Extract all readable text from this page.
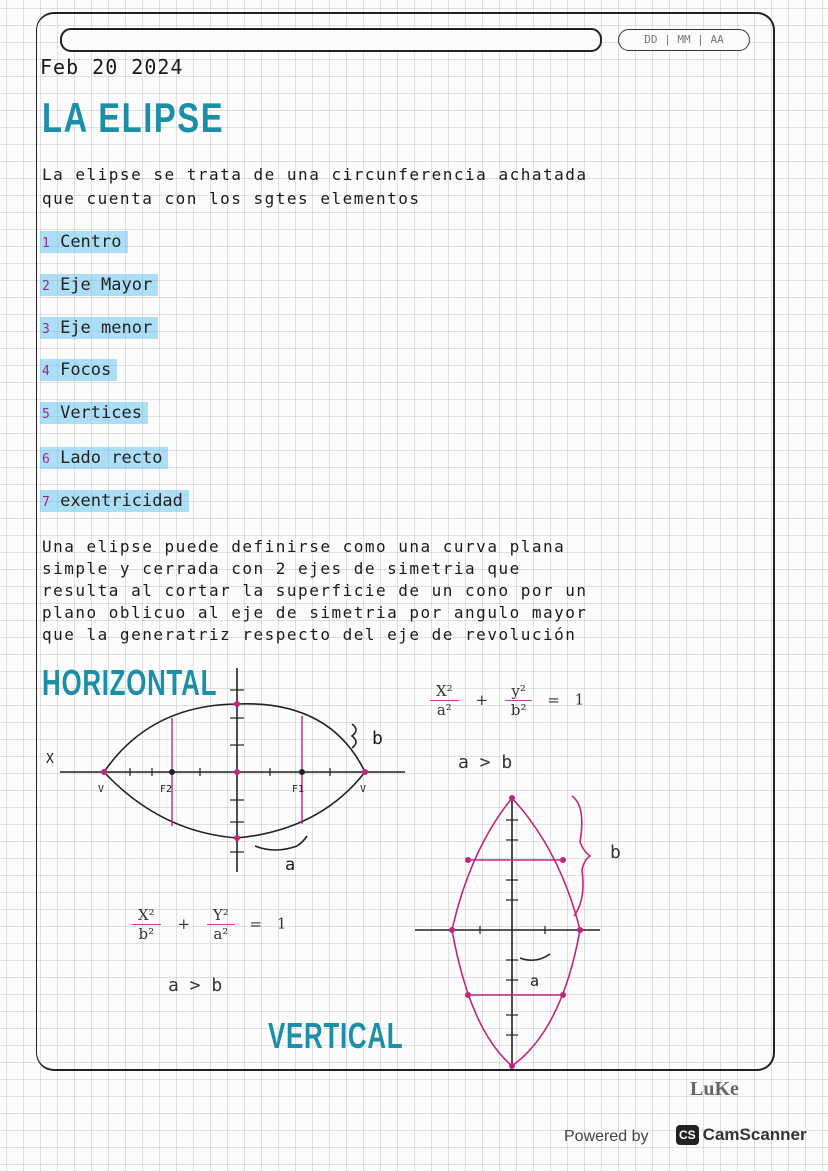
DD | MM | AA
Feb 20 2024
LA ELIPSE
La elipse se trata de una circunferencia achatada
que cuenta con los sgtes elementos
1 Centro
2 Eje Mayor
3 Eje menor
4 Focos
5 Vertices
6 Lado recto
7 exentricidad
Una elipse puede definirse como una curva plana
simple y cerrada con 2 ejes de simetria que
resulta al cortar la superficie de un cono por un
plano oblicuo al eje de simetria por angulo mayor
que la generatriz respecto del eje de revolución
HORIZONTAL
X
V	V
F2	F1
b
a
$\frac{\text{X²}}{\text{a²}} + \frac{\text{y²}}{\text{b²}} = 1$
a > b
b
a
$\frac{\text{X²}}{\text{b²}} + \frac{\text{Y²}}{\text{a²}} = 1$
a > b
VERTICAL
LuKe
Powered by	CS CamScanner
